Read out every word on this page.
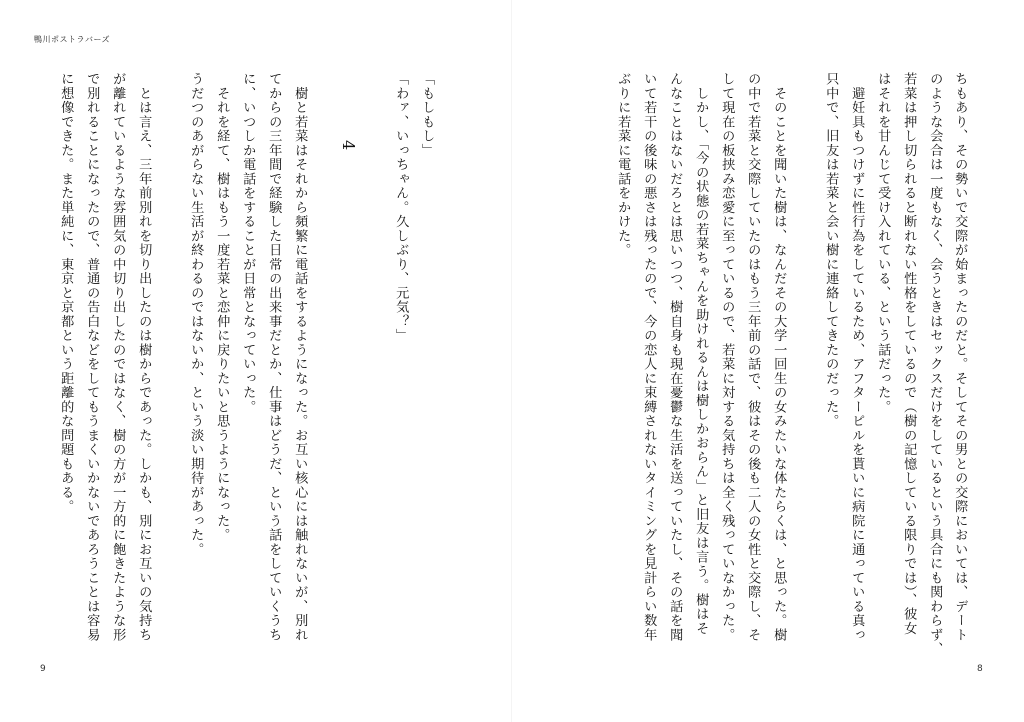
鴨川ポストラバーズ
ちもあり、その勢いで交際が始まったのだと。そしてその男との交際においては、デート
のような会合は一度もなく、会うときはセックスだけをしているという具合にも関わらず、
若菜は押し切られると断れない性格をしているので（樹の記憶している限りでは）、彼女
はそれを甘んじて受け入れている、という話だった。
　避妊具もつけずに性行為をしているため、アフターピルを貰いに病院に通っている真っ
只中で、旧友は若菜と会い樹に連絡してきたのだった。
　そのことを聞いた樹は、なんだその大学一回生の女みたいな体たらくは、と思った。樹
の中で若菜と交際していたのはもう三年前の話で、彼はその後も二人の女性と交際し、そ
して現在の板挟み恋愛に至っているので、若菜に対する気持ちは全く残っていなかった。
　しかし、「今の状態の若菜ちゃんを助けれるんは樹しかおらん」と旧友は言う。樹はそ
んなことはないだろとは思いつつ、樹自身も現在憂鬱な生活を送っていたし、その話を聞
いて若干の後味の悪さは残ったので、今の恋人に束縛されないタイミングを見計らい数年
ぶりに若菜に電話をかけた。
「もしもし」
「わァ、いっちゃん。久しぶり、元気？」
4
　樹と若菜はそれから頻繁に電話をするようになった。お互い核心には触れないが、別れ
てからの三年間で経験した日常の出来事だとか、仕事はどうだ、という話をしていくうち
に、いつしか電話をすることが日常となっていった。
　それを経て、樹はもう一度若菜と恋仲に戻りたいと思うようになった。
うだつのあがらない生活が終わるのではないか、という淡い期待があった。
　とは言え、三年前別れを切り出したのは樹からであった。しかも、別にお互いの気持ち
が離れているような雰囲気の中切り出したのではなく、樹の方が一方的に飽きたような形
で別れることになったので、普通の告白などをしてもうまくいかないであろうことは容易
に想像できた。また単純に、東京と京都という距離的な問題もある。
9	8
